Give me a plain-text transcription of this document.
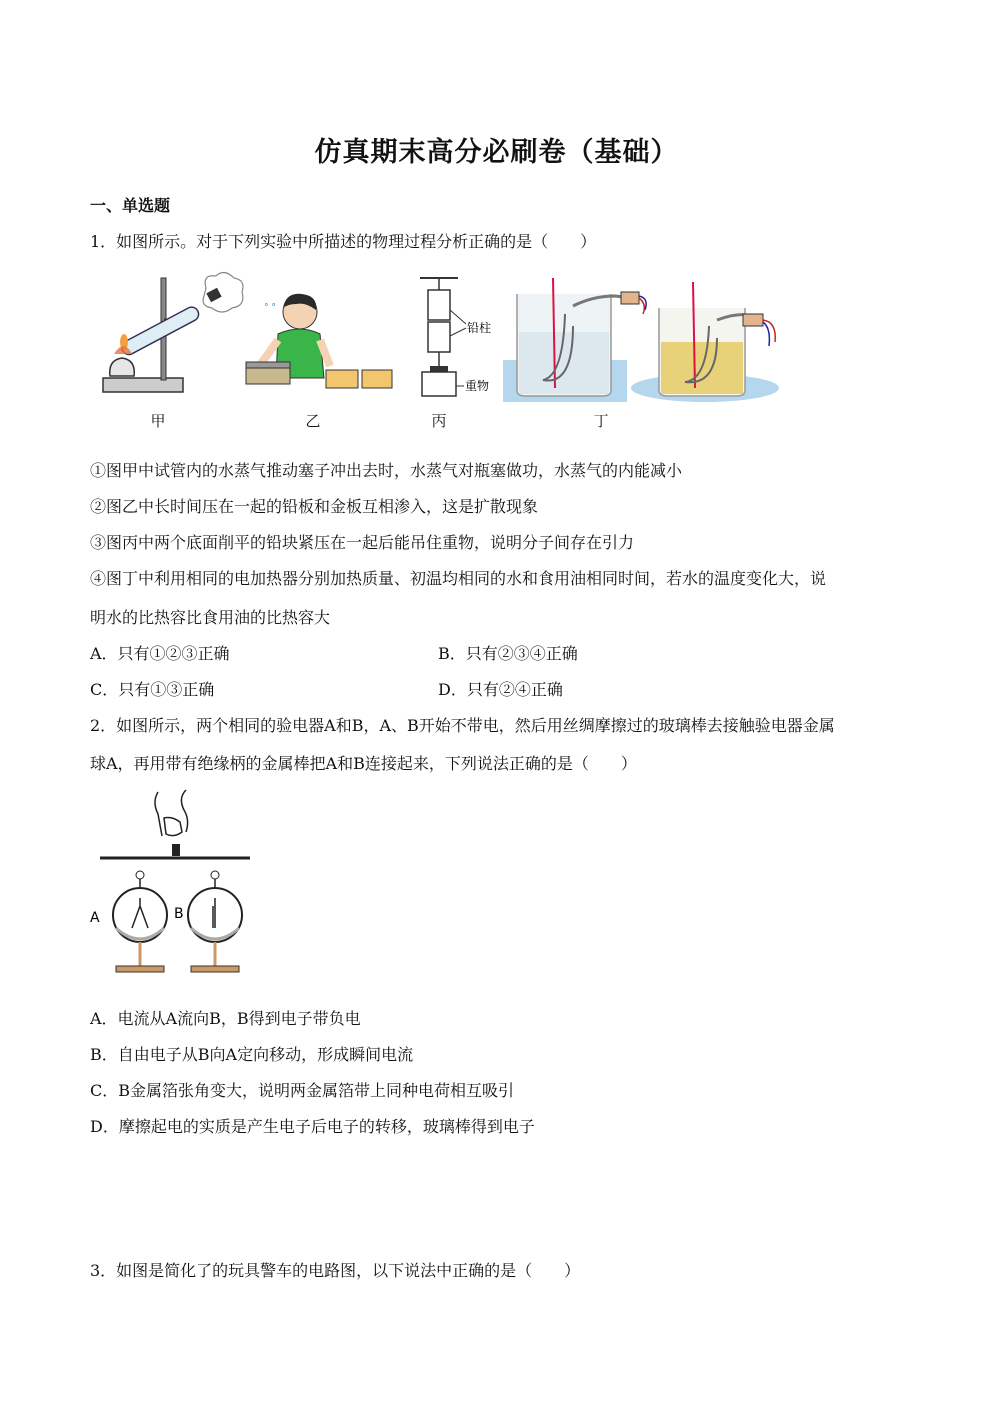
仿真期末高分必刷卷（基础）
一、单选题
1．如图所示。对于下列实验中所描述的物理过程分析正确的是（　　）
° °
铅柱
重物
甲	乙	丙	丁
①图甲中试管内的水蒸气推动塞子冲出去时，水蒸气对瓶塞做功，水蒸气的内能减小
②图乙中长时间压在一起的铅板和金板互相渗入，这是扩散现象
③图丙中两个底面削平的铅块紧压在一起后能吊住重物，说明分子间存在引力
④图丁中利用相同的电加热器分别加热质量、初温均相同的水和食用油相同时间，若水的温度变化大，说
明水的比热容比食用油的比热容大
A．只有①②③正确	B．只有②③④正确
C．只有①③正确	D．只有②④正确
2．如图所示，两个相同的验电器A和B，A、B开始不带电，然后用丝绸摩擦过的玻璃棒去接触验电器金属
球A，再用带有绝缘柄的金属棒把A和B连接起来，下列说法正确的是（　　）
A	B
A．电流从A流向B，B得到电子带负电
B．自由电子从B向A定向移动，形成瞬间电流
C．B金属箔张角变大，说明两金属箔带上同种电荷相互吸引
D．摩擦起电的实质是产生电子后电子的转移，玻璃棒得到电子
3．如图是简化了的玩具警车的电路图，以下说法中正确的是（　　）
